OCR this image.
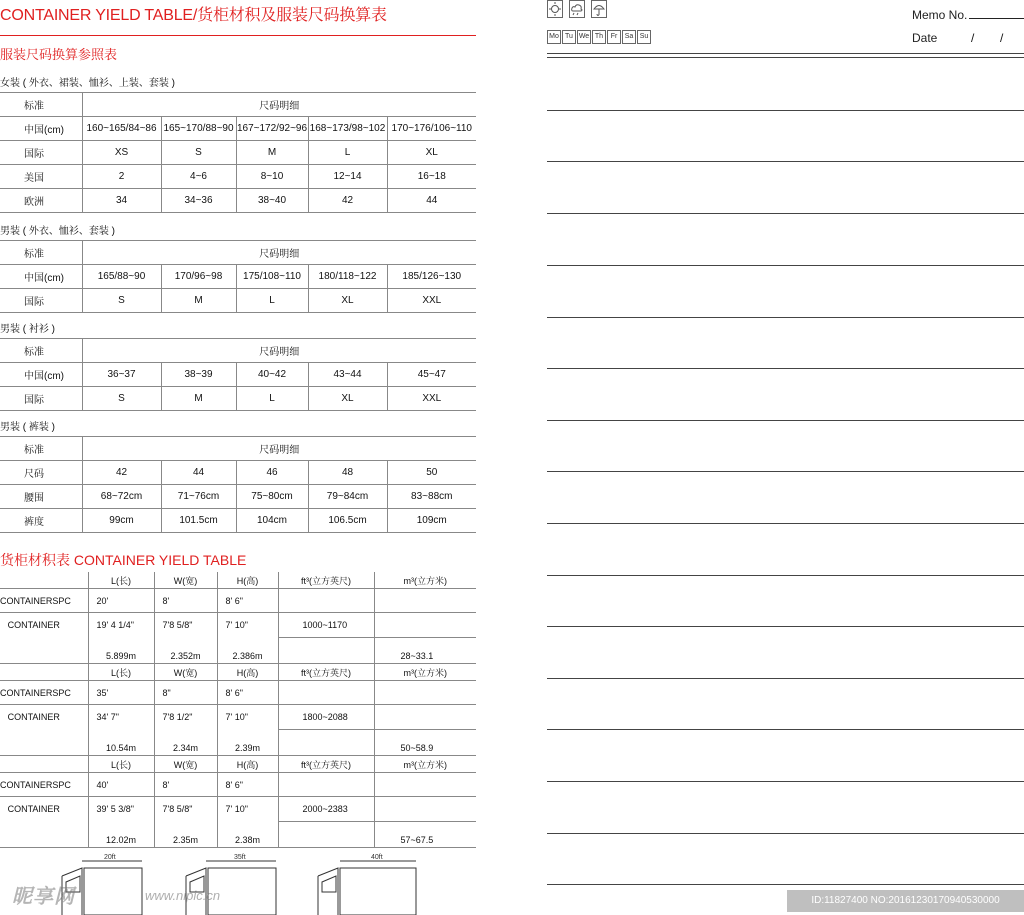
CONTAINER YIELD TABLE/货柜材积及服装尺码换算表
服装尺码换算参照表
女装 ( 外衣、裙装、恤衫、上装、套装 )
标准	尺码明细				
中国(cm)	160~165/84~86	165~170/88~90	167~172/92~96	168~173/98~102	170~176/106~110
国际	XS	S	M	L	XL
美国	2	4~6	8~10	12~14	16~18
欧洲	34	34~36	38~40	42	44
男装 ( 外衣、恤衫、套装 )
标准	尺码明细				
中国(cm)	165/88~90	170/96~98	175/108~110	180/118~122	185/126~130
国际	S	M	L	XL	XXL
男装 ( 衬衫 )
标准	尺码明细				
中国(cm)	36~37	38~39	40~42	43~44	45~47
国际	S	M	L	XL	XXL
男装 ( 裤装 )
标准	尺码明细				
尺码	42	44	46	48	50
腰围	68~72cm	71~76cm	75~80cm	79~84cm	83~88cm
裤度	99cm	101.5cm	104cm	106.5cm	109cm
货柜材积表 CONTAINER YIELD TABLE
	L(长)	W(宽)	H(高)	ft³(立方英尺)	m³(立方米)
CONTAINERSPC	20'	8'	8' 6"		
CONTAINER	19' 4 1/4"	7'8 5/8"	7' 10"	1000~1170	
	5.899m	2.352m	2.386m		28~33.1
	L(长)	W(宽)	H(高)	ft³(立方英尺)	m³(立方米)
CONTAINERSPC	35'	8"	8' 6"		
CONTAINER	34' 7"	7'8 1/2"	7' 10"	1800~2088	
	10.54m	2.34m	2.39m		50~58.9
	L(长)	W(宽)	H(高)	ft³(立方英尺)	m³(立方米)
CONTAINERSPC	40'	8'	8' 6"		
CONTAINER	39' 5 3/8"	7'8 5/8"	7' 10"	2000~2383	
	12.02m	2.35m	2.38m		57~67.5
20ft	35ft	40ft
昵享网	www.nipic.cn
Mo Tu We Th	Fr	Sa Su
Memo No.
Date	/ /
ID:11827400 NO:20161230170940530000
